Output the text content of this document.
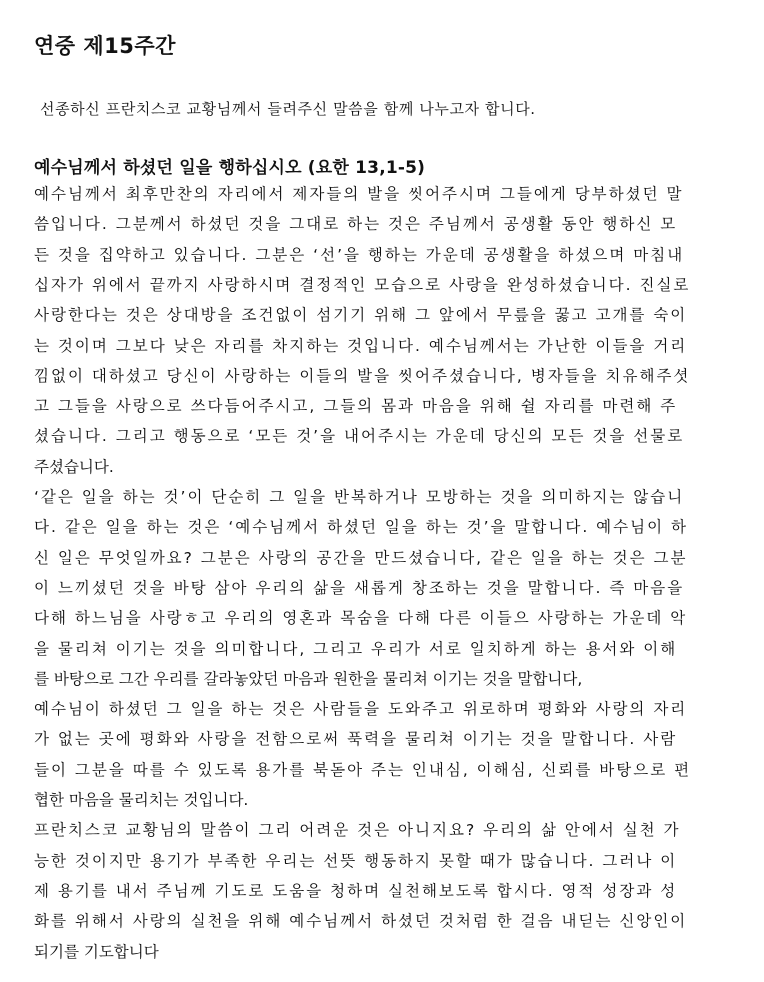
연중 제15주간
선종하신 프란치스코 교황님께서 들려주신 말씀을 함께 나누고자 합니다.
예수님께서 하셨던 일을 행하십시오 (요한 13,1-5)
예수님께서 최후만찬의 자리에서 제자들의 발을 씻어주시며 그들에게 당부하셨던 말
씀입니다. 그분께서 하셨던 것을 그대로 하는 것은 주님께서 공생활 동안 행하신 모
든 것을 집약하고 있습니다. 그분은 ‘선’을 행하는 가운데 공생활을 하셨으며 마침내
십자가 위에서 끝까지 사랑하시며 결정적인 모습으로 사랑을 완성하셨습니다. 진실로
사랑한다는 것은 상대방을 조건없이 섬기기 위해 그 앞에서 무릎을 꿇고 고개를 숙이
는 것이며 그보다 낮은 자리를 차지하는 것입니다. 예수님께서는 가난한 이들을 거리
낌없이 대하셨고 당신이 사랑하는 이들의 발을 씻어주셨습니다, 병자들을 치유해주셧
고 그들을 사랑으로 쓰다듬어주시고, 그들의 몸과 마음을 위해 쉴 자리를 마련해 주
셨습니다. 그리고 행동으로 ‘모든 것’을 내어주시는 가운데 당신의 모든 것을 선물로
주셨습니다.
‘같은 일을 하는 것’이 단순히 그 일을 반복하거나 모방하는 것을 의미하지는 않습니
다. 같은 일을 하는 것은 ‘예수님께서 하셨던 일을 하는 것’을 말합니다. 예수님이 하
신 일은 무엇일까요? 그분은 사랑의 공간을 만드셨습니다, 같은 일을 하는 것은 그분
이 느끼셨던 것을 바탕 삼아 우리의 삶을 새롭게 창조하는 것을 말합니다. 즉 마음을
다해 하느님을 사랑ㅎ고 우리의 영혼과 목숨을 다해 다른 이들으 사랑하는 가운데 악
을 물리쳐 이기는 것을 의미합니다, 그리고 우리가 서로 일치하게 하는 용서와 이해
를 바탕으로 그간 우리를 갈라놓았던 마음과 원한을 물리쳐 이기는 것을 말합니다,
예수님이 하셨던 그 일을 하는 것은 사람들을 도와주고 위로하며 평화와 사랑의 자리
가 없는 곳에 평화와 사랑을 전함으로써 푹력을 물리쳐 이기는 것을 말합니다. 사람
들이 그분을 따를 수 있도록 용가를 북돋아 주는 인내심, 이해심, 신뢰를 바탕으로 편
협한 마음을 물리치는 것입니다.
프란치스코 교황님의 말씀이 그리 어려운 것은 아니지요? 우리의 삶 안에서 실천 가
능한 것이지만 용기가 부족한 우리는 선뜻 행동하지 못할 때가 많습니다. 그러나 이
제 용기를 내서 주님께 기도로 도움을 청하며 실천해보도록 합시다. 영적 성장과 성
화를 위해서 사랑의 실천을 위해 예수님께서 하셨던 것처럼 한 걸음 내딛는 신앙인이
되기를 기도합니다
